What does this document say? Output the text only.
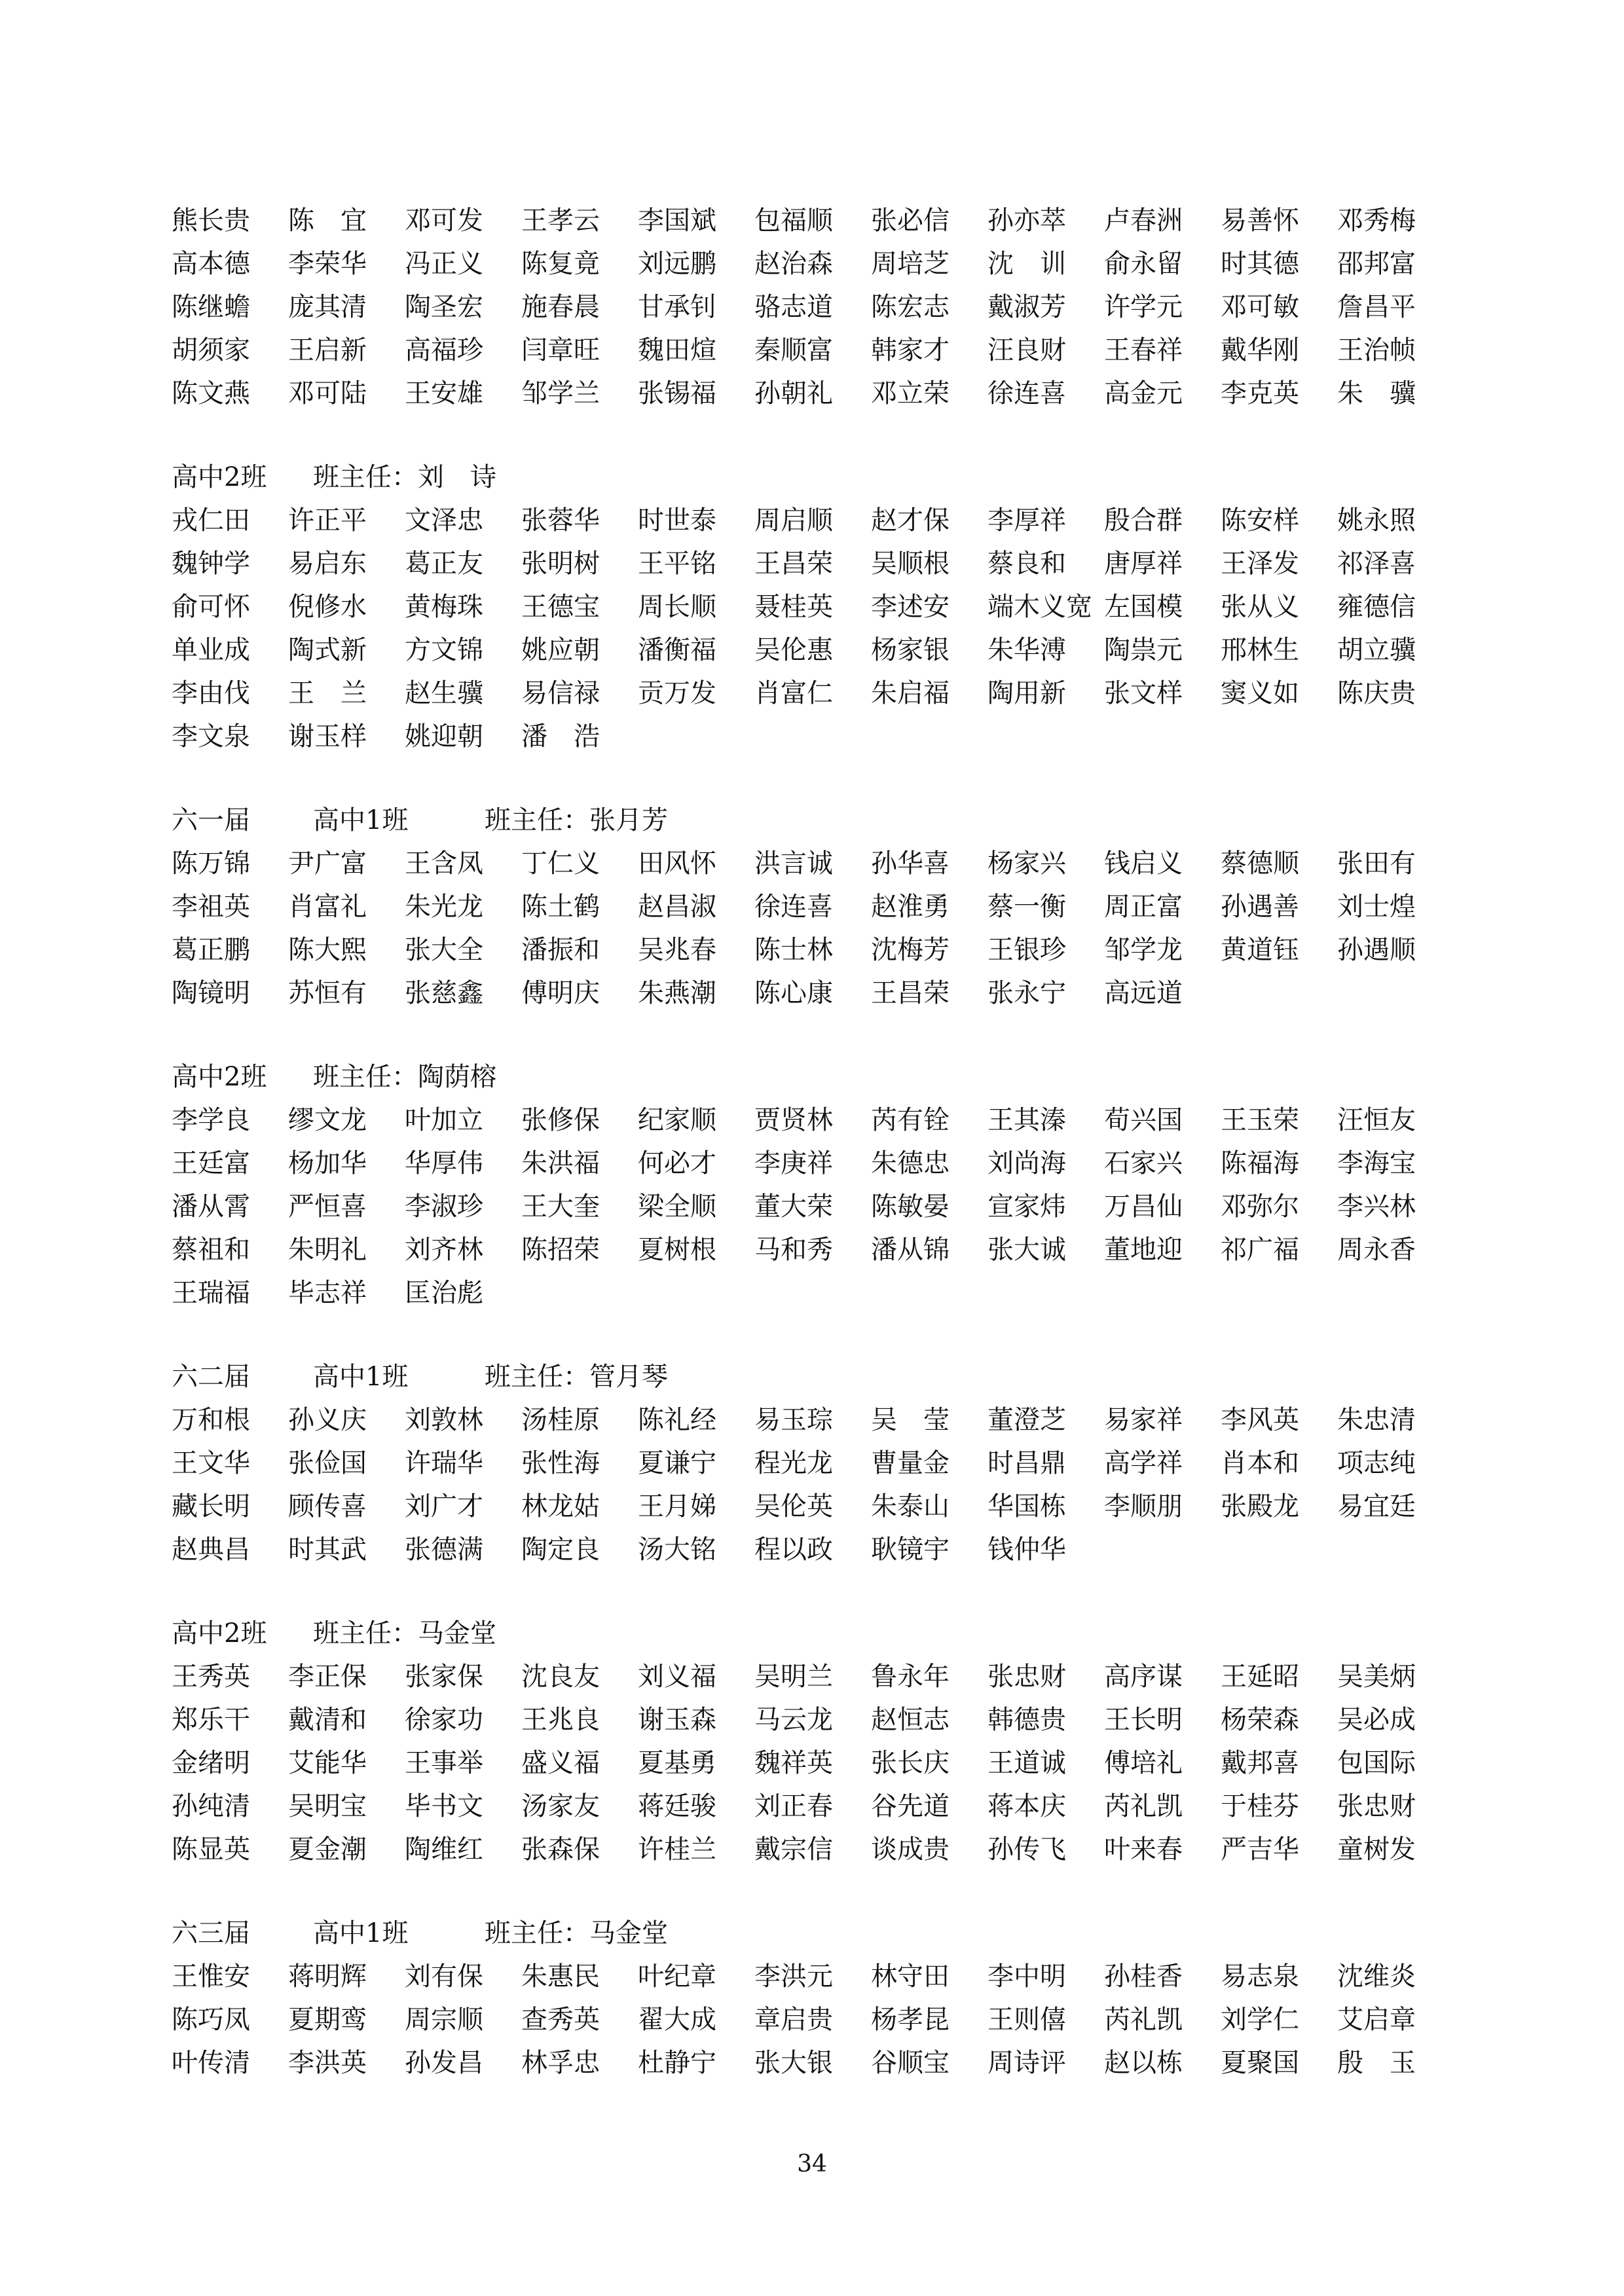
熊长贵	陈　宜	邓可发	王孝云	李国斌	包福顺	张必信	孙亦萃	卢春洲	易善怀	邓秀梅
高本德	李荣华	冯正义	陈复竟	刘远鹏	赵治森	周培芝	沈　训	俞永留	时其德	邵邦富
陈继蟾	庞其清	陶圣宏	施春晨	甘承钊	骆志道	陈宏志	戴淑芳	许学元	邓可敏	詹昌平
胡须家	王启新	高福珍	闫章旺	魏田煊	秦顺富	韩家才	汪良财	王春祥	戴华刚	王治帧
陈文燕	邓可陆	王安雄	邹学兰	张锡福	孙朝礼	邓立荣	徐连喜	高金元	李克英	朱　骥
高中2班	班主任：刘　诗
戎仁田	许正平	文泽忠	张蓉华	时世泰	周启顺	赵才保	李厚祥	殷合群	陈安样	姚永照
魏钟学	易启东	葛正友	张明树	王平铭	王昌荣	吴顺根	蔡良和	唐厚祥	王泽发	祁泽喜
俞可怀	倪修水	黄梅珠	王德宝	周长顺	聂桂英	李述安	端木义宽 左国模	张从义	雍德信
单业成	陶式新	方文锦	姚应朝	潘衡福	吴伦惠	杨家银	朱华溥	陶祟元	邢林生	胡立骥
李由伐	王　兰	赵生骥	易信禄	贡万发	肖富仁	朱启福	陶用新	张文样	窦义如	陈庆贵
李文泉	谢玉样	姚迎朝	潘　浩
六一届	高中1班	班主任：张月芳
陈万锦	尹广富	王含凤	丁仁义	田风怀	洪言诚	孙华喜	杨家兴	钱启义	蔡德顺	张田有
李祖英	肖富礼	朱光龙	陈土鹤	赵昌淑	徐连喜	赵淮勇	蔡一衡	周正富	孙遇善	刘士煌
葛正鹏	陈大熙	张大全	潘振和	吴兆春	陈士林	沈梅芳	王银珍	邹学龙	黄道钰	孙遇顺
陶镜明	苏恒有	张慈鑫	傅明庆	朱燕潮	陈心康	王昌荣	张永宁	高远道
高中2班	班主任：陶荫榕
李学良	缪文龙	叶加立	张修保	纪家顺	贾贤林	芮有铨	王其溱	荀兴国	王玉荣	汪恒友
王廷富	杨加华	华厚伟	朱洪福	何必才	李庚祥	朱德忠	刘尚海	石家兴	陈福海	李海宝
潘从霄	严恒喜	李淑珍	王大奎	梁全顺	董大荣	陈敏晏	宣家炜	万昌仙	邓弥尔	李兴林
蔡祖和	朱明礼	刘齐林	陈招荣	夏树根	马和秀	潘从锦	张大诚	董地迎	祁广福	周永香
王瑞福	毕志祥	匡治彪
六二届	高中1班	班主任：管月琴
万和根	孙义庆	刘敦林	汤桂原	陈礼经	易玉琮	吴　莹	董澄芝	易家祥	李风英	朱忠清
王文华	张俭国	许瑞华	张性海	夏谦宁	程光龙	曹量金	时昌鼎	高学祥	肖本和	项志纯
藏长明	顾传喜	刘广才	林龙姑	王月娣	吴伦英	朱泰山	华国栋	李顺朋	张殿龙	易宜廷
赵典昌	时其武	张德满	陶定良	汤大铭	程以政	耿镜宇	钱仲华
高中2班	班主任：马金堂
王秀英	李正保	张家保	沈良友	刘义福	吴明兰	鲁永年	张忠财	高序谋	王延昭	吴美炳
郑乐干	戴清和	徐家功	王兆良	谢玉森	马云龙	赵恒志	韩德贵	王长明	杨荣森	吴必成
金绪明	艾能华	王事举	盛义福	夏基勇	魏祥英	张长庆	王道诚	傅培礼	戴邦喜	包国际
孙纯清	吴明宝	毕书文	汤家友	蒋廷骏	刘正春	谷先道	蒋本庆	芮礼凯	于桂芬	张忠财
陈显英	夏金潮	陶维红	张森保	许桂兰	戴宗信	谈成贵	孙传飞	叶来春	严吉华	童树发
六三届	高中1班	班主任：马金堂
王惟安	蒋明辉	刘有保	朱惠民	叶纪章	李洪元	林守田	李中明	孙桂香	易志泉	沈维炎
陈巧凤	夏期鸾	周宗顺	查秀英	翟大成	章启贵	杨孝昆	王则僖	芮礼凯	刘学仁	艾启章
叶传清	李洪英	孙发昌	林孚忠	杜静宁	张大银	谷顺宝	周诗评	赵以栋	夏聚国	殷　玉
34
